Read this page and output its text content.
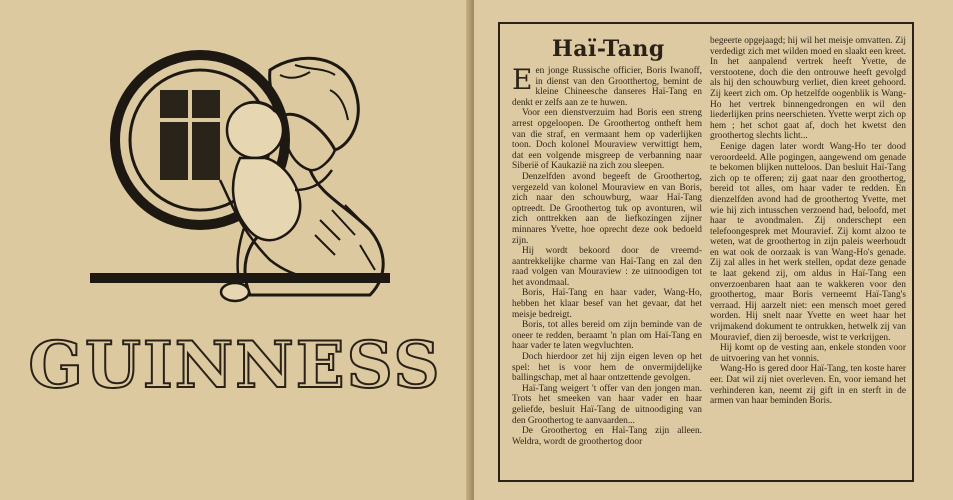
GUINNESS
Haï-Tang

Een jonge Russische officier, Boris Iwanoff, in dienst van den Grootthertog, bemint de kleine Chineesche danseres Haï-Tang en denkt er zelfs aan ze te huwen.

Voor een dienstverzuim had Boris een streng arrest opgeloopen. De Groothertog ontheft hem van die straf, en vermaant hem op vaderlijken toon. Doch kolonel Mouraview verwittigt hem, dat een volgende misgreep de verbanning naar Siberië of Kaukazië na zich zou sleepen.

Denzelfden avond begeeft de Groothertog, vergezeld van kolonel Mouraview en van Boris, zich naar den schouwburg, waar Haï-Tang optreedt. De Groothertog tuk op avonturen, wil zich onttrekken aan de liefkozingen zijner minnares Yvette, hoe oprecht deze ook bedoeld zijn.

Hij wordt bekoord door de vreemd-aantrekkelijke charme van Haï-Tang en zal den raad volgen van Mouraview : ze uitnoodigen tot het avondmaal.

Boris, Haï-Tang en haar vader, Wang-Ho, hebben het klaar besef van het gevaar, dat het meisje bedreigt.

Boris, tot alles bereid om zijn beminde van de oneer te redden, beraamt 'n plan om Haï-Tang en haar vader te laten wegvluchten.

Doch hierdoor zet hij zijn eigen leven op het spel: het is voor hem de onvermijdelijke ballingschap, met al haar ontzettende gevolgen.

Haï-Tang weigert 't offer van den jongen man. Trots het smeeken van haar vader en haar geliefde, besluit Haï-Tang de uitnoodiging van den Groothertog te aanvaarden...

De Groothertog en Haï-Tang zijn alleen. Weldra, wordt de groothertog door

begeerte opgejaagd; hij wil het meisje omvatten. Zij verdedigt zich met wilden moed en slaakt een kreet. In het aanpalend vertrek heeft Yvette, de verstootene, doch die den ontrouwe heeft gevolgd als hij den schouwburg verliet, dien kreet gehoord. Zij keert zich om. Op hetzelfde oogenblik is Wang-Ho het vertrek binnengedrongen en wil den liederlijken prins neerschieten. Yvette werpt zich op hem ; het schot gaat af, doch het kwetst den groothertog slechts licht...

Eenige dagen later wordt Wang-Ho ter dood veroordeeld. Alle pogingen, aangewend om genade te bekomen blijken nutteloos. Dan besluit Haï-Tang zich op te offeren; zij gaat naar den groothertog, bereid tot alles, om haar vader te redden. En dienzelfden avond had de groothertog Yvette, met wie hij zich intusschen verzoend had, beloofd, met haar te avondmalen. Zij onderschept een telefoongesprek met Mouravief. Zij komt alzoo te weten, wat de groothertog in zijn paleis weerhoudt en wat ook de oorzaak is van Wang-Ho's genade. Zij zal alles in het werk stellen, opdat deze genade te laat gekend zij, om aldus in Haï-Tang een onverzoenbaren haat aan te wakkeren voor den groothertog, maar Boris verneemt Haï-Tang's verraad. Hij aarzelt niet: een mensch moet gered worden. Hij snelt naar Yvette en weet haar het vrijmakend dokument te ontrukken, hetwelk zij van Mouravief, dien zij beroesde, wist te verkrijgen.

Hij komt op de vesting aan, enkele stonden voor de uitvoering van het vonnis.

Wang-Ho is gered door Haï-Tang, ten koste harer eer. Dat wil zij niet overleven. En, voor iemand het verhinderen kan, neemt zij gift in en sterft in de armen van haar beminden Boris.
